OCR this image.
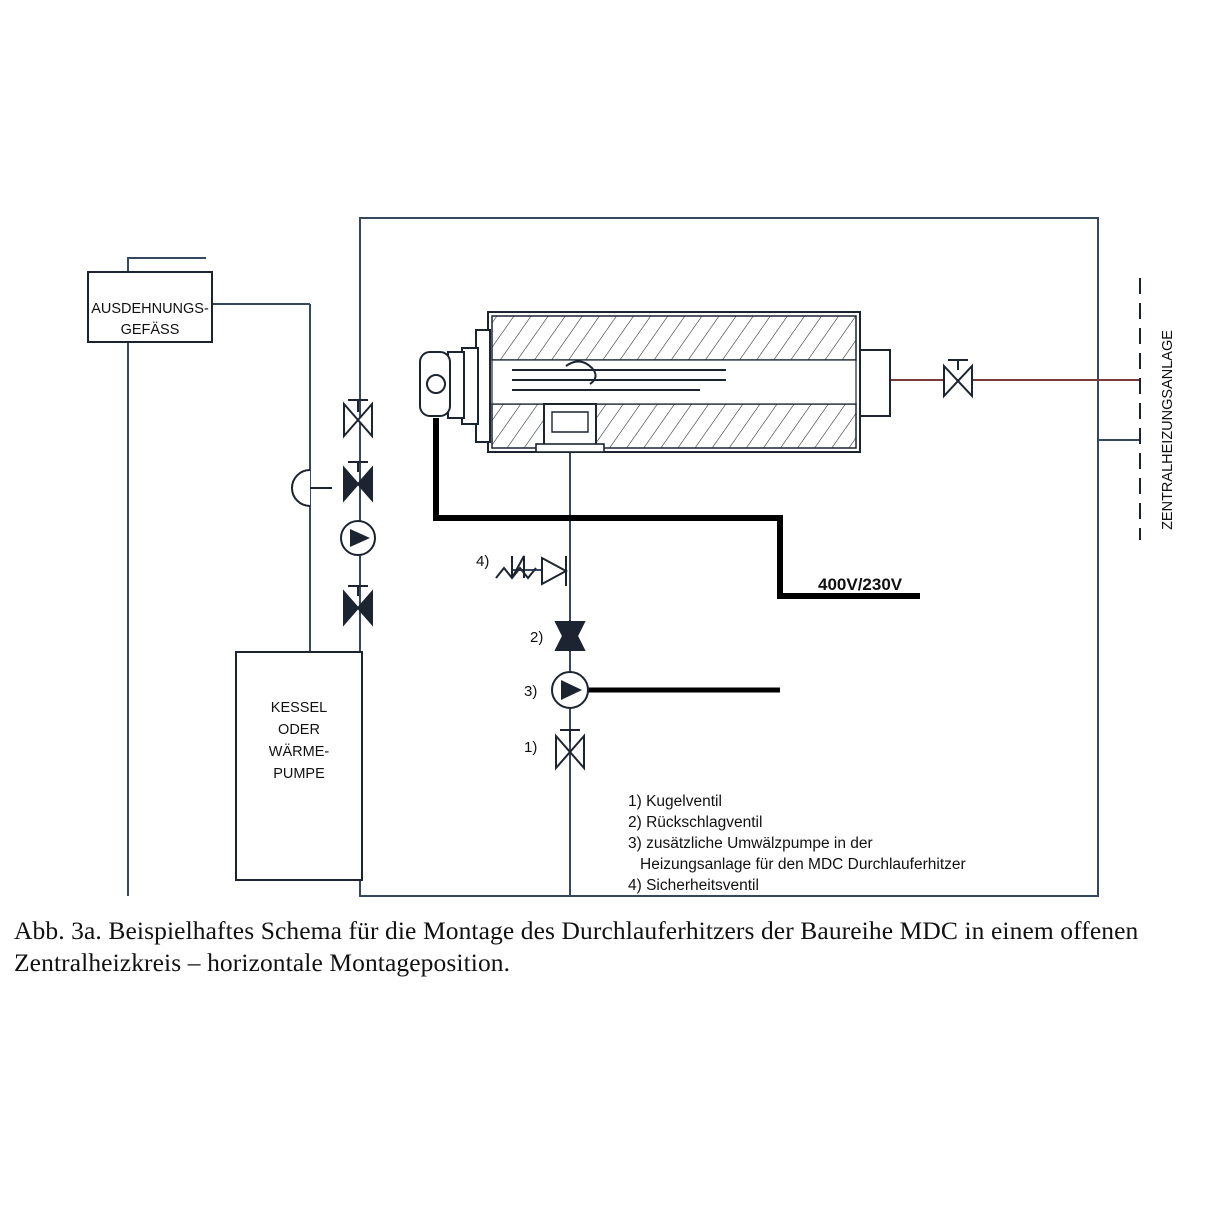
AUSDEHNUNGS-
GEFÄSS
KESSEL
ODER
WÄRME-
PUMPE
400V/230V
4)
2)
3)
1)
ZENTRALHEIZUNGSANLAGE
1) Kugelventil
2) Rückschlagventil
3) zusätzliche Umwälzpumpe in der
Heizungsanlage für den MDC Durchlauferhitzer
4) Sicherheitsventil
Abb. 3a. Beispielhaftes Schema für die Montage des Durchlauferhitzers der Baureihe MDC in einem offenen Zentralheizkreis – horizontale Montageposition.
